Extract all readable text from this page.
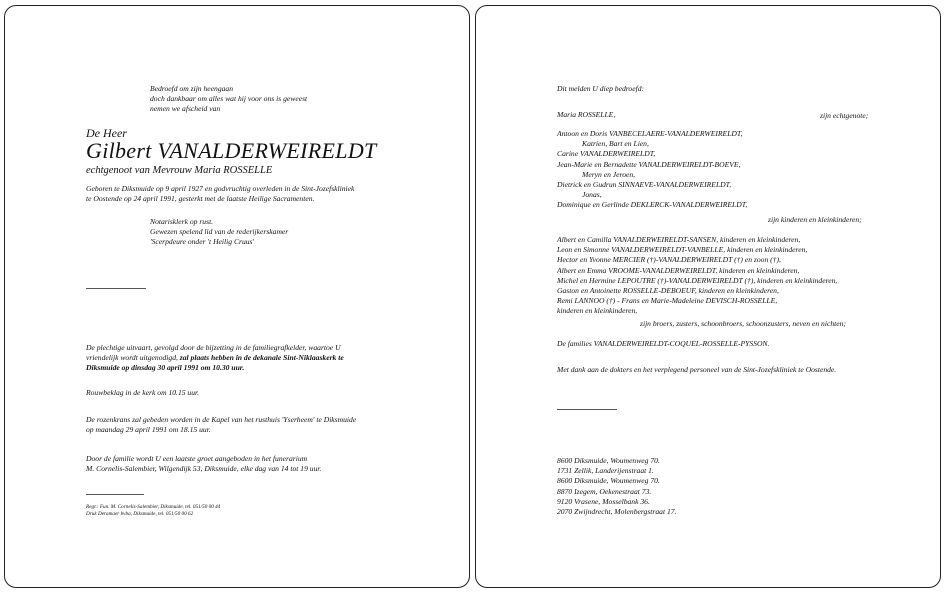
Bedroefd om zijn heengaan
doch dankbaar om alles wat hij voor ons is geweest
nemen we afscheid van
De Heer
Gilbert VANALDERWEIRELDT
echtgenoot van Mevrouw Maria ROSSELLE
Geboren te Diksmuide op 9 april 1927 en godvruchtig overleden in de Sint-Jozefskliniek
te Oostende op 24 april 1991, gesterkt met de laatste Heilige Sacramenten.
Notarisklerk op rust.
Gewezen spelend lid van de rederijkerskamer
'Scerpdeure onder 't Heilig Cruus'
De plechtige uitvaart, gevolgd door de bijzetting in de familiegrafkelder, waartoe U
vriendelijk wordt uitgenodigd, zal plaats hebben in de dekanale Sint-Niklaaskerk te
Diksmuide op dinsdag 30 april 1991 om 10.30 uur.
Rouwbeklag in de kerk om 10.15 uur.
De rozenkrans zal gebeden worden in de Kapel van het rusthuis 'Yserheem' te Diksmuide
op maandag 29 april 1991 om 18.15 uur.
Door de familie wordt U een laatste groet aangeboden in het funerarium
M. Cornelis-Salembier, Wilgendijk 53, Diksmuide, elke dag van 14 tot 19 uur.
Regr.: Fun. M. Cornelis-Salembier, Diksmuide, tel. 051/50 00 44
Druk Deramaer bvba, Diksmuide, tel. 051/50 00 62
Dit melden U diep bedroefd:
Maria ROSSELLE,	zijn echtgenote;
Antoon en Doris VANBECELAERE-VANALDERWEIRELDT,
Katrien, Bart en Lien,
Carine VANALDERWEIRELDT,
Jean-Marie en Bernadette VANALDERWEIRELDT-BOEVE,
Meryn en Jeroen,
Dietrick en Gudrun SINNAEVE-VANALDERWEIRELDT,
Jonas,
Dominique en Gerlinde DEKLERCK-VANALDERWEIRELDT,
zijn kinderen en kleinkinderen;
Albert en Camilla VANALDERWEIRELDT-SANSEN, kinderen en kleinkinderen,
Leon en Simonne VANALDERWEIRELDT-VANBELLE, kinderen en kleinkinderen,
Hector en Yvonne MERCIER (†)-VANALDERWEIRELDT (†) en zoon (†),
Albert en Emma VROOME-VANALDERWEIRELDT, kinderen en kleinkinderen,
Michel en Hermine LEPOUTRE (†)-VANALDERWEIRELDT (†), kinderen en kleinkinderen,
Gaston en Antoinette ROSSELLE-DEBOEUF, kinderen en kleinkinderen,
Remi LANNOO (†) - Frans en Marie-Madeleine DEVISCH-ROSSELLE,
kinderen en kleinkinderen,
zijn broers, zusters, schoonbroers, schoonzusters, neven en nichten;
De families VANALDERWEIRELDT-COQUEL-ROSSELLE-PYSSON.
Met dank aan de dokters en het verplegend personeel van de Sint-Jozefskliniek te Oostende.
8600 Diksmuide, Woumenweg 70.
1731 Zellik, Landerijenstraat 1.
8600 Diksmuide, Woumenweg 70.
8870 Izegem, Oekenestraat 73.
9120 Vrasene, Mosselbank 36.
2070 Zwijndrecht, Molenbergstraat 17.
